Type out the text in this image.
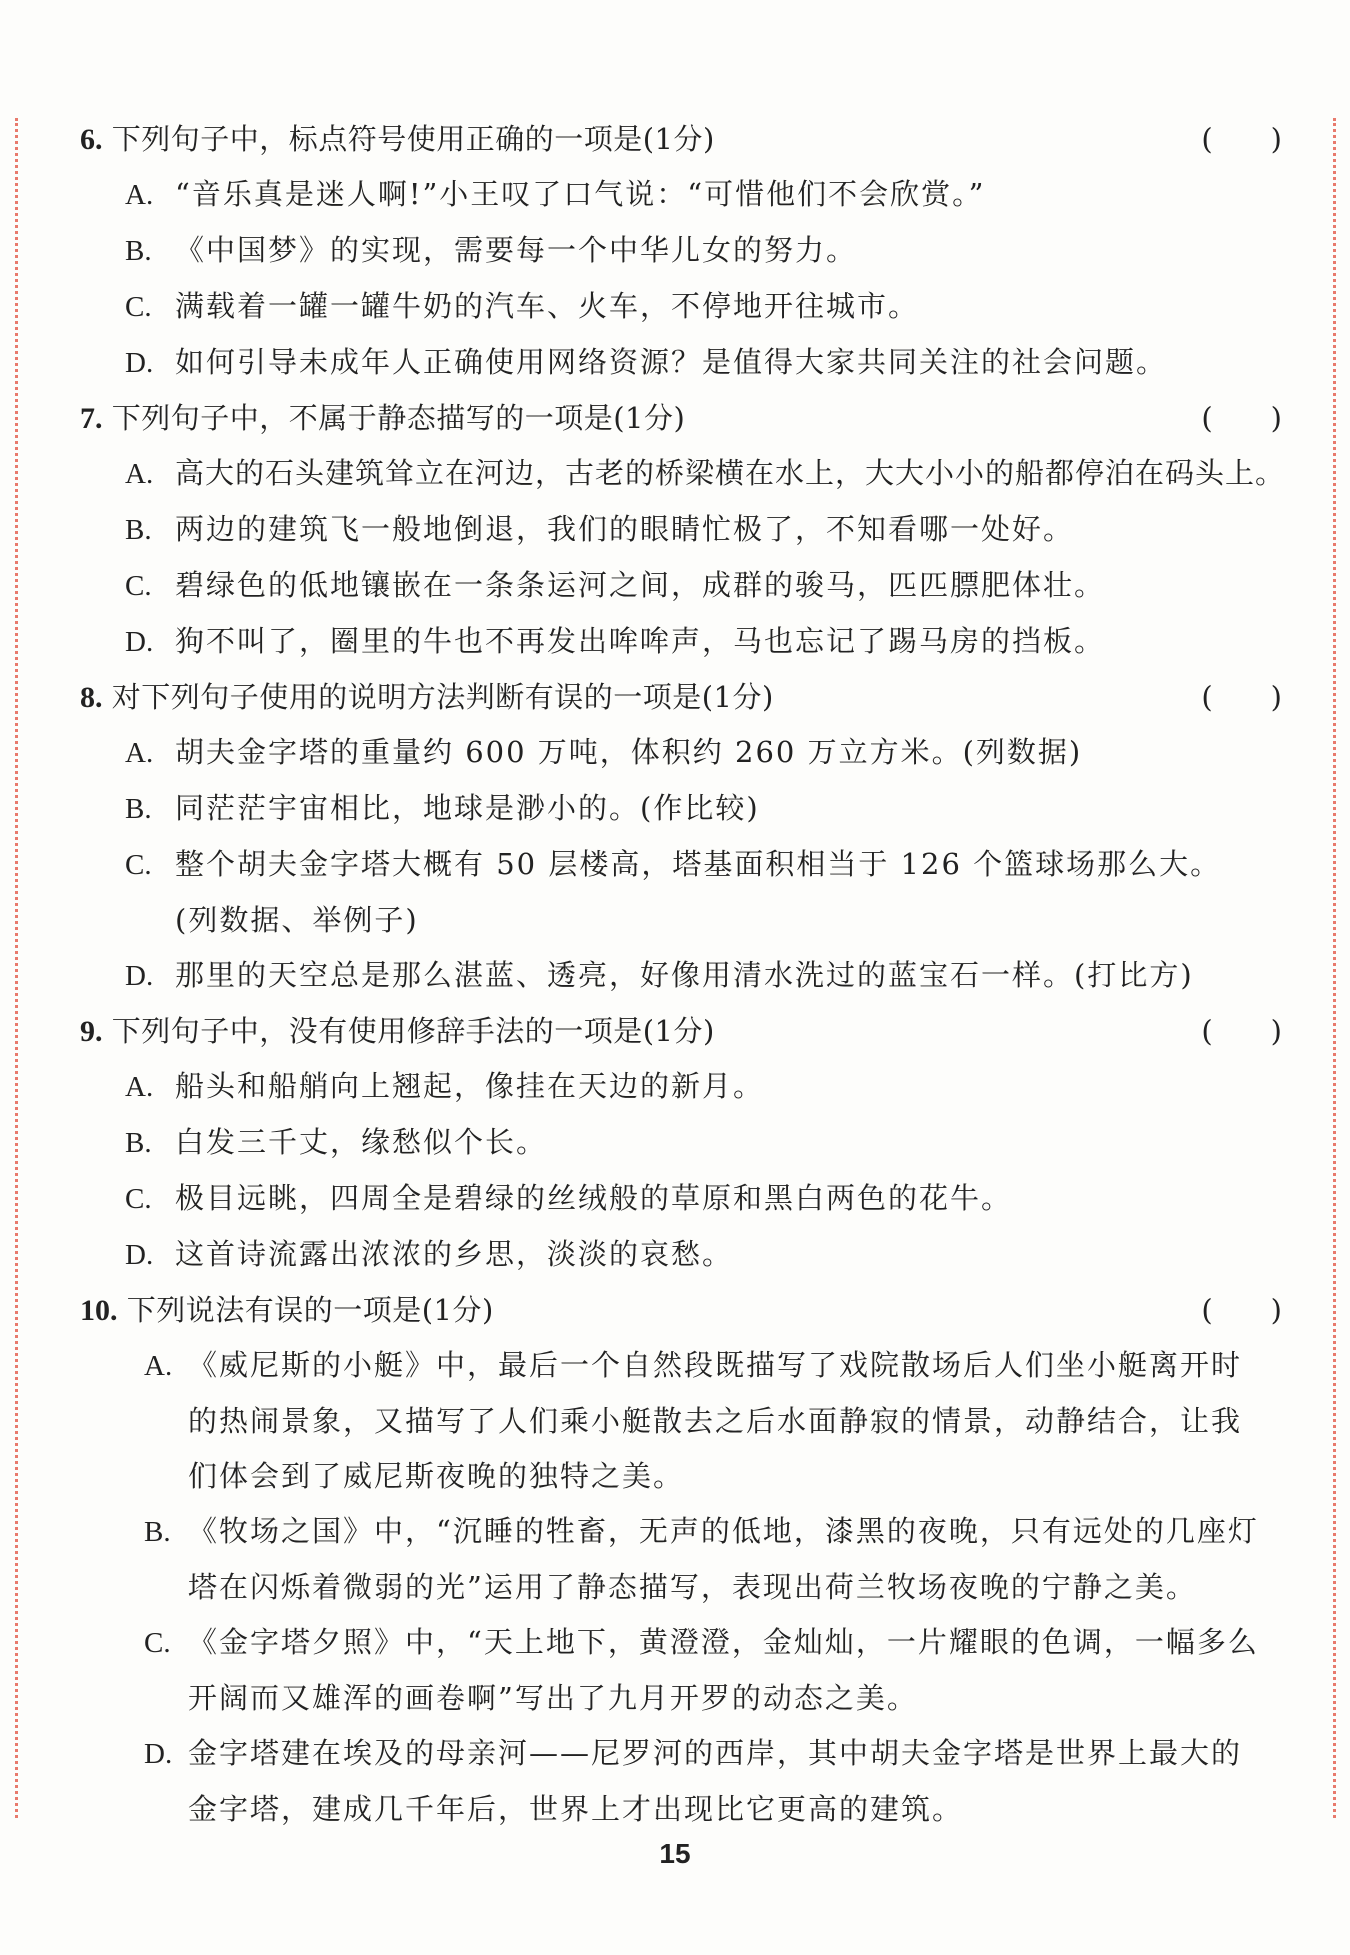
6. 下列句子中，标点符号使用正确的一项是(1分)	(　　)
A. “音乐真是迷人啊!”小王叹了口气说：“可惜他们不会欣赏。”
B. 《中国梦》的实现，需要每一个中华儿女的努力。
C. 满载着一罐一罐牛奶的汽车、火车，不停地开往城市。
D. 如何引导未成年人正确使用网络资源？是值得大家共同关注的社会问题。
7. 下列句子中，不属于静态描写的一项是(1分)	(　　)
A. 高大的石头建筑耸立在河边，古老的桥梁横在水上，大大小小的船都停泊在码头上。
B. 两边的建筑飞一般地倒退，我们的眼睛忙极了，不知看哪一处好。
C. 碧绿色的低地镶嵌在一条条运河之间，成群的骏马，匹匹膘肥体壮。
D. 狗不叫了，圈里的牛也不再发出哞哞声，马也忘记了踢马房的挡板。
8. 对下列句子使用的说明方法判断有误的一项是(1分)	(　　)
A. 胡夫金字塔的重量约 600 万吨，体积约 260 万立方米。(列数据)
B. 同茫茫宇宙相比，地球是渺小的。(作比较)
C. 整个胡夫金字塔大概有 50 层楼高，塔基面积相当于 126 个篮球场那么大。(列数据、举例子)
D. 那里的天空总是那么湛蓝、透亮，好像用清水洗过的蓝宝石一样。(打比方)
9. 下列句子中，没有使用修辞手法的一项是(1分)	(　　)
A. 船头和船艄向上翘起，像挂在天边的新月。
B. 白发三千丈，缘愁似个长。
C. 极目远眺，四周全是碧绿的丝绒般的草原和黑白两色的花牛。
D. 这首诗流露出浓浓的乡思，淡淡的哀愁。
10. 下列说法有误的一项是(1分)	(　　)
A. 《威尼斯的小艇》中，最后一个自然段既描写了戏院散场后人们坐小艇离开时的热闹景象，又描写了人们乘小艇散去之后水面静寂的情景，动静结合，让我们体会到了威尼斯夜晚的独特之美。
B. 《牧场之国》中，“沉睡的牲畜，无声的低地，漆黑的夜晚，只有远处的几座灯塔在闪烁着微弱的光”运用了静态描写，表现出荷兰牧场夜晚的宁静之美。
C. 《金字塔夕照》中，“天上地下，黄澄澄，金灿灿，一片耀眼的色调，一幅多么开阔而又雄浑的画卷啊”写出了九月开罗的动态之美。
D. 金字塔建在埃及的母亲河——尼罗河的西岸，其中胡夫金字塔是世界上最大的金字塔，建成几千年后，世界上才出现比它更高的建筑。
15
